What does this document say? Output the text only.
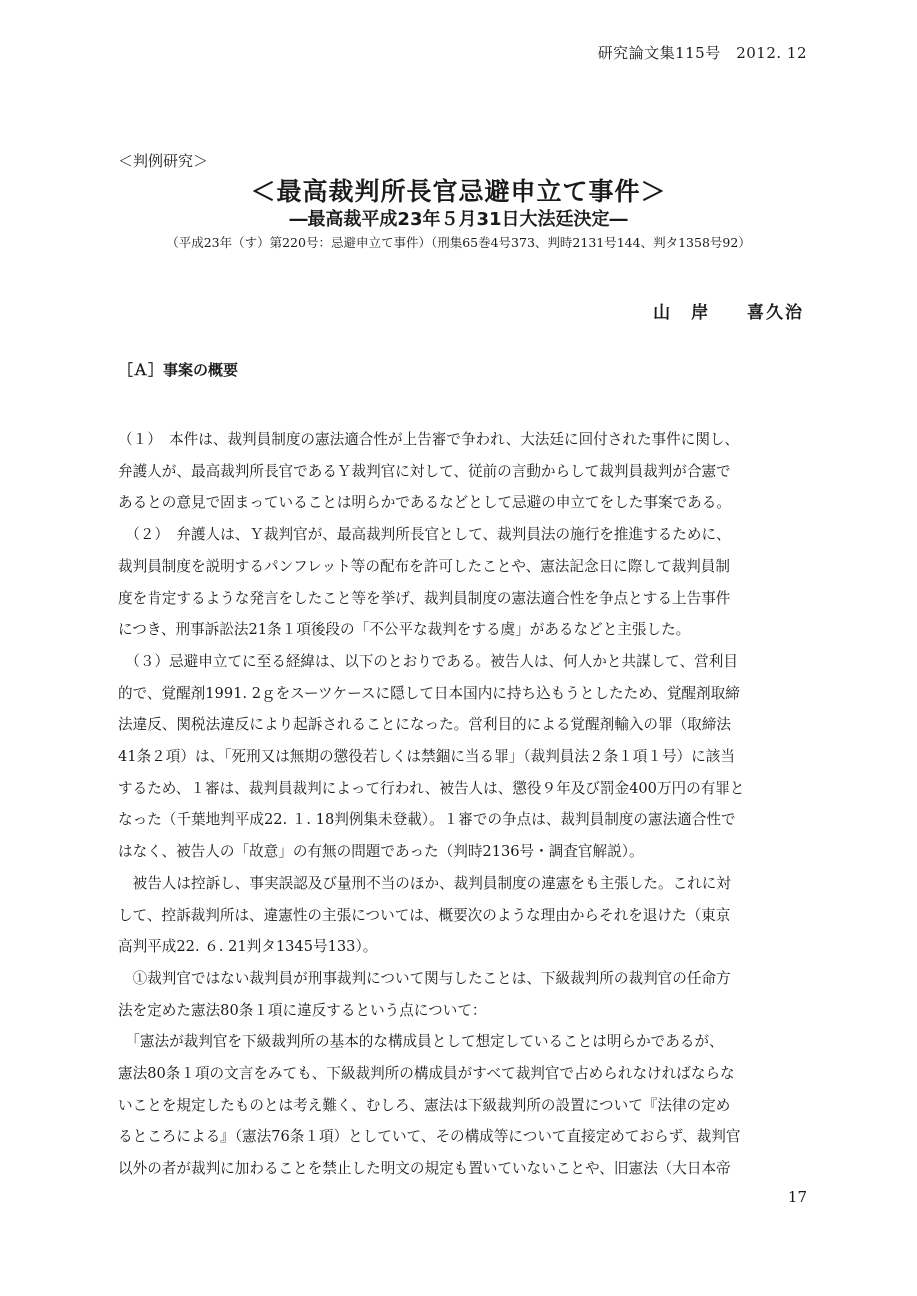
研究論文集115号　2012. 12
＜判例研究＞
＜最高裁判所長官忌避申立て事件＞
―最高裁平成23年５月31日大法廷決定―
（平成23年（す）第220号：忌避申立て事件）（刑集65巻4号373、判時2131号144、判タ1358号92）
山　岸　 喜久治
［Ａ］事案の概要
（１）　本件は、裁判員制度の憲法適合性が上告審で争われ、大法廷に回付された事件に関し、
弁護人が、最高裁判所長官であるＹ裁判官に対して、従前の言動からして裁判員裁判が合憲で
あるとの意見で固まっていることは明らかであるなどとして忌避の申立てをした事案である。
　（２）　弁護人は、Ｙ裁判官が、最高裁判所長官として、裁判員法の施行を推進するために、
裁判員制度を説明するパンフレット等の配布を許可したことや、憲法記念日に際して裁判員制
度を肯定するような発言をしたこと等を挙げ、裁判員制度の憲法適合性を争点とする上告事件
につき、刑事訴訟法21条１項後段の「不公平な裁判をする虞」があるなどと主張した。
　（３）忌避申立てに至る経緯は、以下のとおりである。被告人は、何人かと共謀して、営利目
的で、覚醒剤1991. 2ｇをスーツケースに隠して日本国内に持ち込もうとしたため、覚醒剤取締
法違反、関税法違反により起訴されることになった。営利目的による覚醒剤輸入の罪（取締法
41条２項）は、「死刑又は無期の懲役若しくは禁錮に当る罪」（裁判員法２条１項１号）に該当
するため、１審は、裁判員裁判によって行われ、被告人は、懲役９年及び罰金400万円の有罪と
なった（千葉地判平成22. １. 18判例集未登載）。１審での争点は、裁判員制度の憲法適合性で
はなく、被告人の「故意」の有無の問題であった（判時2136号・調査官解説）。
　被告人は控訴し、事実誤認及び量刑不当のほか、裁判員制度の違憲をも主張した。これに対
して、控訴裁判所は、違憲性の主張については、概要次のような理由からそれを退けた（東京
高判平成22. ６. 21判タ1345号133）。
　①裁判官ではない裁判員が刑事裁判について関与したことは、下級裁判所の裁判官の任命方
法を定めた憲法80条１項に違反するという点について：
　「憲法が裁判官を下級裁判所の基本的な構成員として想定していることは明らかであるが、
憲法80条１項の文言をみても、下級裁判所の構成員がすべて裁判官で占められなければならな
いことを規定したものとは考え難く、むしろ、憲法は下級裁判所の設置について『法律の定め
るところによる』（憲法76条１項）としていて、その構成等について直接定めておらず、裁判官
以外の者が裁判に加わることを禁止した明文の規定も置いていないことや、旧憲法（大日本帝
17
